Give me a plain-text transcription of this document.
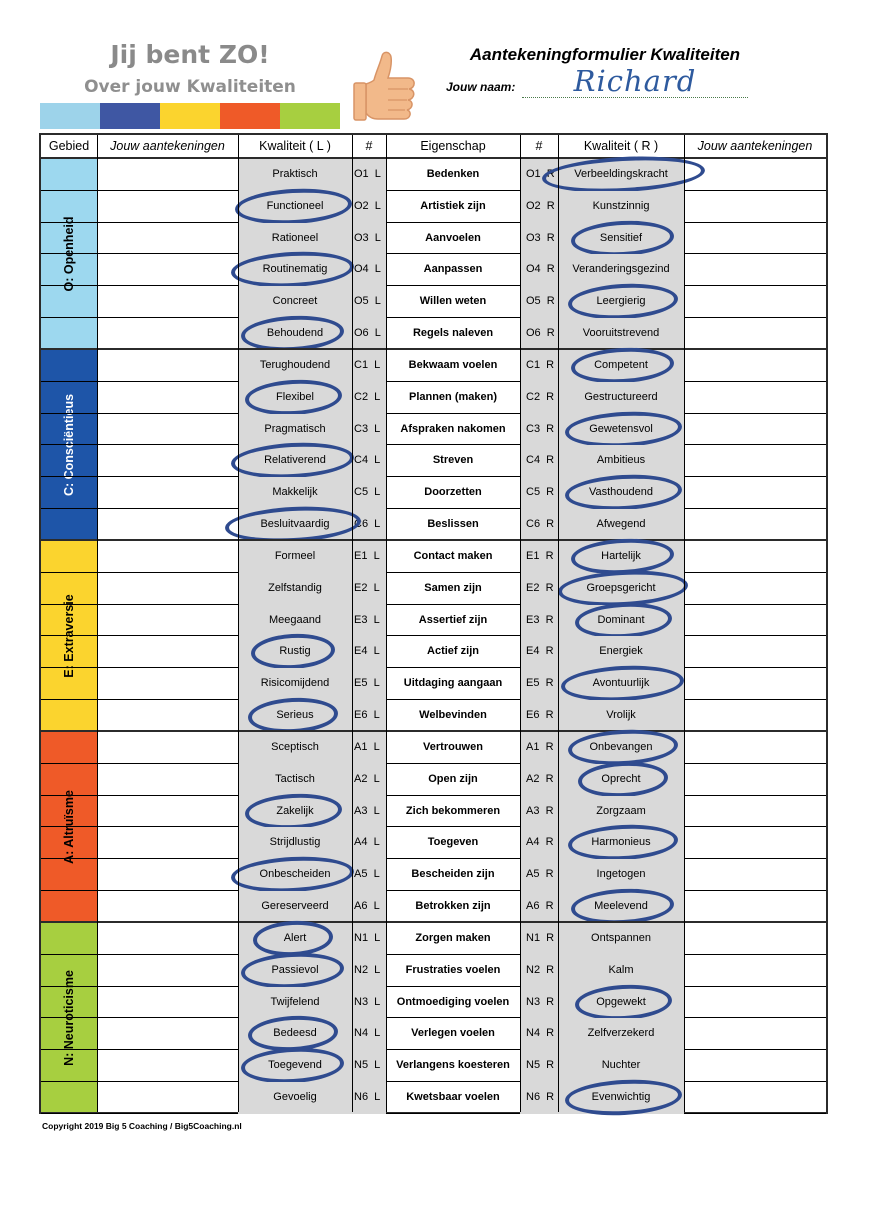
Jij bent ZO!
Over jouw Kwaliteiten
Aantekeningformulier Kwaliteiten
Jouw naam:	Richard
Gebied	Jouw aantekeningen	Kwaliteit ( L )	#	Eigenschap	#	Kwaliteit ( R )	Jouw aantekeningen
O: Openheid
Praktisch	O1  L	Bedenken	O1  R	Verbeeldingskracht
Functioneel	O2  L	Artistiek zijn	O2  R	Kunstzinnig
Rationeel	O3  L	Aanvoelen	O3  R	Sensitief
Routinematig	O4  L	Aanpassen	O4  R	Veranderingsgezind
Concreet	O5  L	Willen weten	O5  R	Leergierig
Behoudend	O6  L	Regels naleven	O6  R	Vooruitstrevend
C: Consciëntieus
Terughoudend	C1  L	Bekwaam voelen	C1  R	Competent
Flexibel	C2  L	Plannen (maken)	C2  R	Gestructureerd
Pragmatisch	C3  L	Afspraken nakomen	C3  R	Gewetensvol
Relativerend	C4  L	Streven	C4  R	Ambitieus
Makkelijk	C5  L	Doorzetten	C5  R	Vasthoudend
Besluitvaardig	C6  L	Beslissen	C6  R	Afwegend
E: Extraversie
Formeel	E1  L	Contact maken	E1  R	Hartelijk
Zelfstandig	E2  L	Samen zijn	E2  R	Groepsgericht
Meegaand	E3  L	Assertief zijn	E3  R	Dominant
Rustig	E4  L	Actief zijn	E4  R	Energiek
Risicomijdend	E5  L	Uitdaging aangaan	E5  R	Avontuurlijk
Serieus	E6  L	Welbevinden	E6  R	Vrolijk
A: Altruïsme
Sceptisch	A1  L	Vertrouwen	A1  R	Onbevangen
Tactisch	A2  L	Open zijn	A2  R	Oprecht
Zakelijk	A3  L	Zich bekommeren	A3  R	Zorgzaam
Strijdlustig	A4  L	Toegeven	A4  R	Harmonieus
Onbescheiden	A5  L	Bescheiden zijn	A5  R	Ingetogen
Gereserveerd	A6  L	Betrokken zijn	A6  R	Meelevend
N: Neuroticisme
Alert	N1  L	Zorgen maken	N1  R	Ontspannen
Passievol	N2  L	Frustraties voelen	N2  R	Kalm
Twijfelend	N3  L	Ontmoediging voelen	N3  R	Opgewekt
Bedeesd	N4  L	Verlegen voelen	N4  R	Zelfverzekerd
Toegevend	N5  L	Verlangens koesteren	N5  R	Nuchter
Gevoelig	N6  L	Kwetsbaar voelen	N6  R	Evenwichtig
Copyright 2019 Big 5 Coaching / Big5Coaching.nl
